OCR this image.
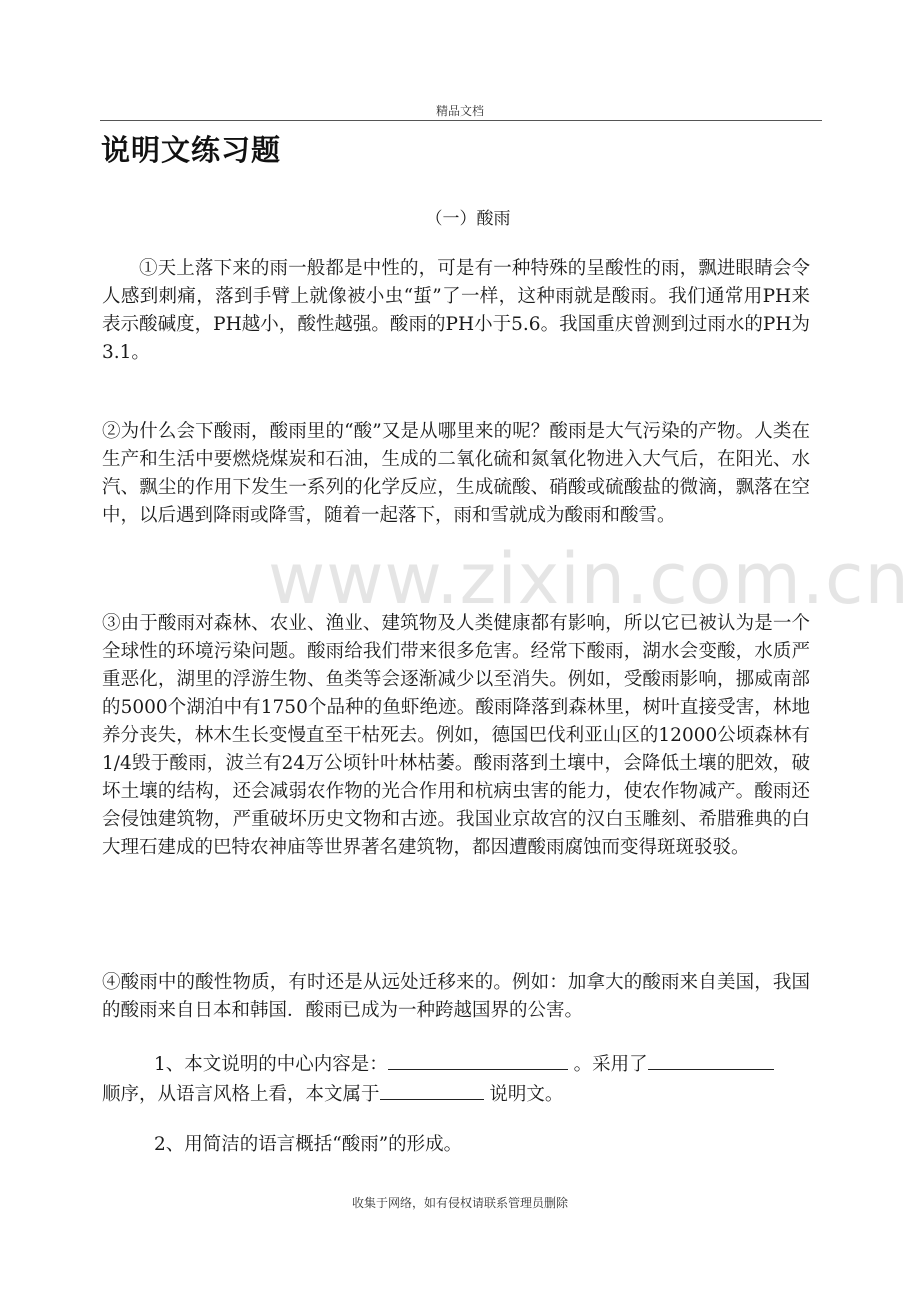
精品文档
说明文练习题
（一）酸雨

①天上落下来的雨一般都是中性的，可是有一种特殊的呈酸性的雨，飘进眼睛会令人感到刺痛，落到手臂上就像被小虫“蜇”了一样，这种雨就是酸雨。我们通常用PH来表示酸碱度，PH越小，酸性越强。酸雨的PH小于5.6。我国重庆曾测到过雨水的PH为3.1。

②为什么会下酸雨，酸雨里的“酸”又是从哪里来的呢？酸雨是大气污染的产物。人类在生产和生活中要燃烧煤炭和石油，生成的二氧化硫和氮氧化物进入大气后，在阳光、水汽、飘尘的作用下发生一系列的化学反应，生成硫酸、硝酸或硫酸盐的微滴，飘落在空中，以后遇到降雨或降雪，随着一起落下，雨和雪就成为酸雨和酸雪。

www.zixin.com.cn

③由于酸雨对森林、农业、渔业、建筑物及人类健康都有影响，所以它已被认为是一个全球性的环境污染问题。酸雨给我们带来很多危害。经常下酸雨，湖水会变酸，水质严重恶化，湖里的浮游生物、鱼类等会逐渐减少以至消失。例如，受酸雨影响，挪威南部的5000个湖泊中有1750个品种的鱼虾绝迹。酸雨降落到森林里，树叶直接受害，林地养分丧失，林木生长变慢直至干枯死去。例如，德国巴伐利亚山区的12000公顷森林有1/4毁于酸雨，波兰有24万公顷针叶林枯萎。酸雨落到土壤中，会降低土壤的肥效，破坏土壤的结构，还会减弱农作物的光合作用和杭病虫害的能力，使农作物减产。酸雨还会侵蚀建筑物，严重破坏历史文物和古迹。我国业京故宫的汉白玉雕刻、希腊雅典的白大理石建成的巴特农神庙等世界著名建筑物，都因遭酸雨腐蚀而变得斑斑驳驳。

④酸雨中的酸性物质，有时还是从远处迁移来的。例如：加拿大的酸雨来自美国，我国的酸雨来自日本和韩国．酸雨已成为一种跨越国界的公害。

1、本文说明的中心内容是：	。采用了
顺序，从语言风格上看，本文属于	说明文。

2、用简洁的语言概括“酸雨”的形成。

收集于网络，如有侵权请联系管理员删除
